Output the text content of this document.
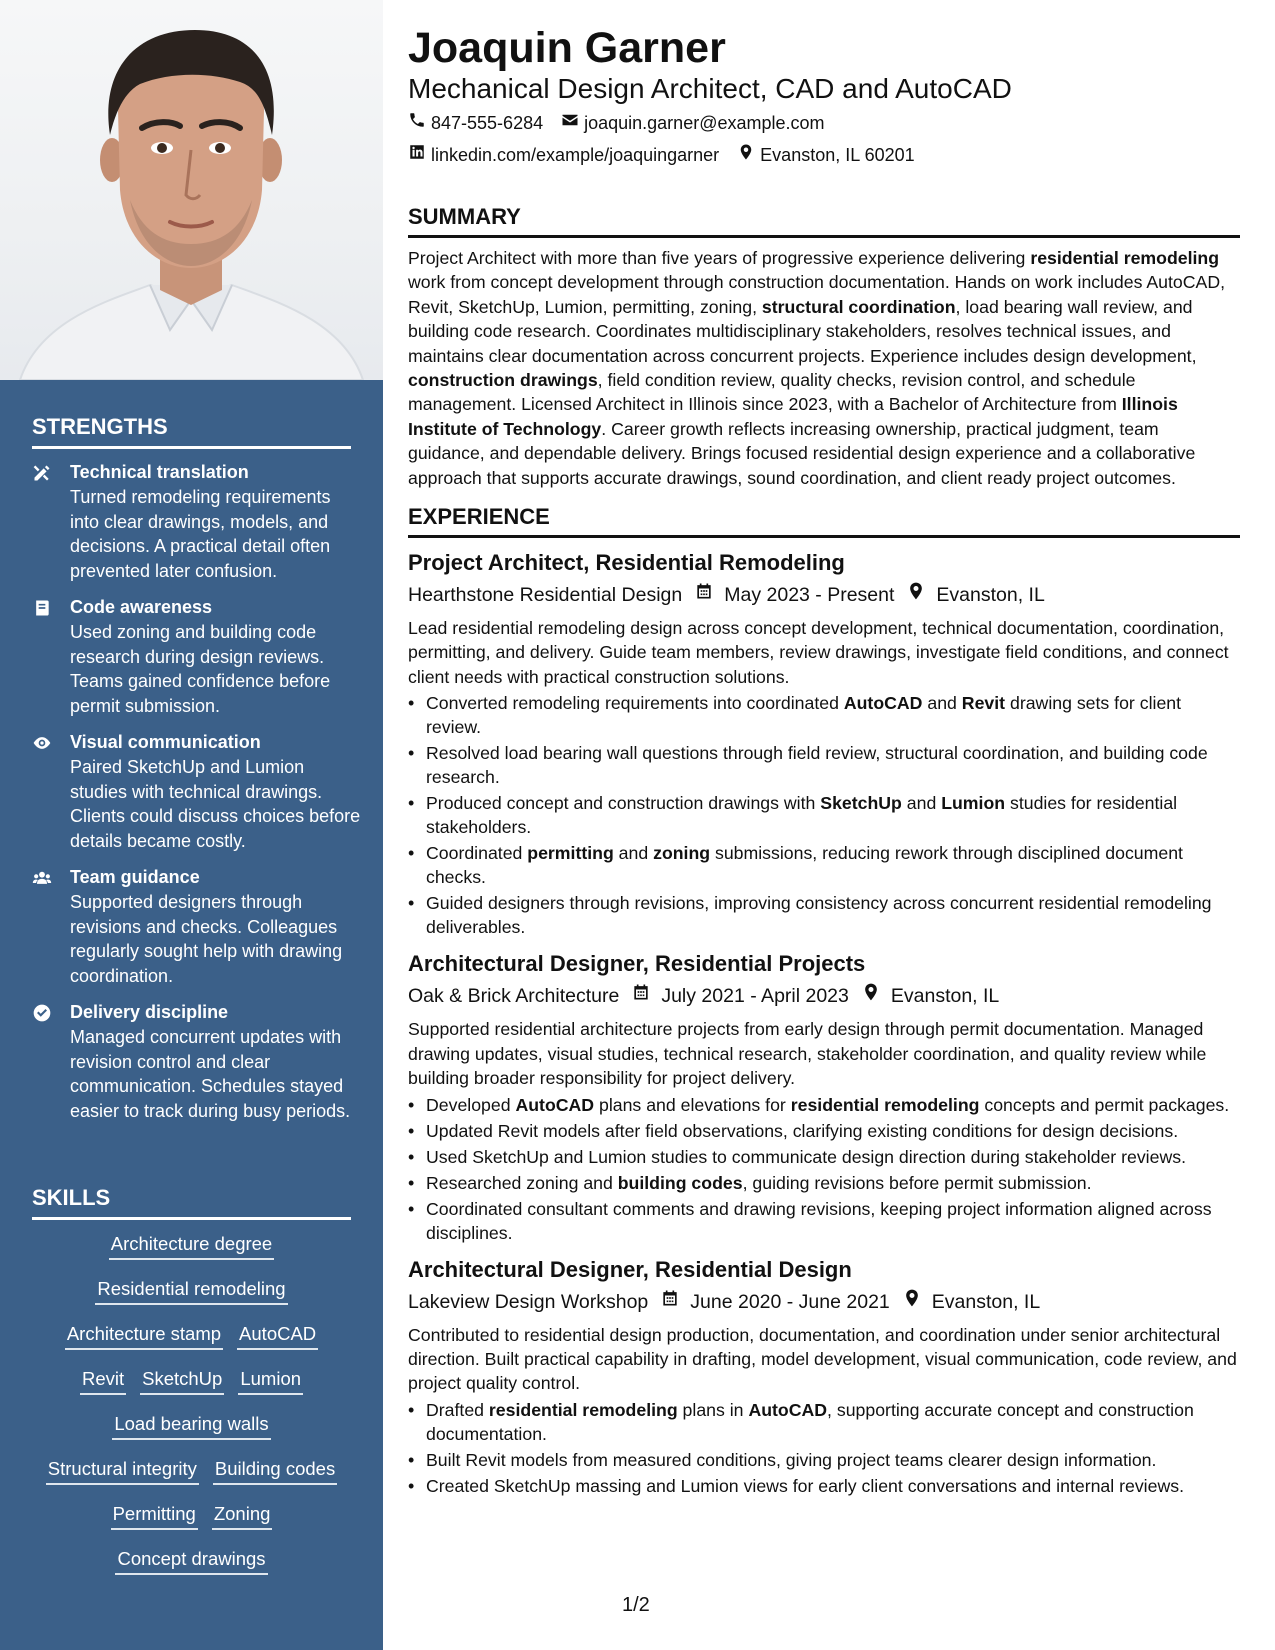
STRENGTHS
Technical translation
Turned remodeling requirements into clear drawings, models, and decisions. A practical detail often prevented later confusion.
Code awareness
Used zoning and building code research during design reviews. Teams gained confidence before permit submission.
Visual communication
Paired SketchUp and Lumion studies with technical drawings. Clients could discuss choices before details became costly.
Team guidance
Supported designers through revisions and checks. Colleagues regularly sought help with drawing coordination.
Delivery discipline
Managed concurrent updates with revision control and clear communication. Schedules stayed easier to track during busy periods.
SKILLS
Architecture degree
Residential remodeling
Architecture stamp AutoCAD
Revit SketchUp Lumion
Load bearing walls
Structural integrity Building codes
Permitting Zoning
Concept drawings
Joaquin Garner
Mechanical Design Architect, CAD and AutoCAD
847-555-6284 joaquin.garner@example.com
linkedin.com/example/joaquingarner Evanston, IL 60201
SUMMARY
Project Architect with more than five years of progressive experience delivering residential remodeling work from concept development through construction documentation. Hands on work includes AutoCAD, Revit, SketchUp, Lumion, permitting, zoning, structural coordination, load bearing wall review, and building code research. Coordinates multidisciplinary stakeholders, resolves technical issues, and maintains clear documentation across concurrent projects. Experience includes design development, construction drawings, field condition review, quality checks, revision control, and schedule management. Licensed Architect in Illinois since 2023, with a Bachelor of Architecture from Illinois Institute of Technology. Career growth reflects increasing ownership, practical judgment, team guidance, and dependable delivery. Brings focused residential design experience and a collaborative approach that supports accurate drawings, sound coordination, and client ready project outcomes.
EXPERIENCE
Project Architect, Residential Remodeling
Hearthstone Residential Design May 2023 - Present Evanston, IL
Lead residential remodeling design across concept development, technical documentation, coordination, permitting, and delivery. Guide team members, review drawings, investigate field conditions, and connect client needs with practical construction solutions.
• Converted remodeling requirements into coordinated AutoCAD and Revit drawing sets for client review.
• Resolved load bearing wall questions through field review, structural coordination, and building code research.
• Produced concept and construction drawings with SketchUp and Lumion studies for residential stakeholders.
• Coordinated permitting and zoning submissions, reducing rework through disciplined document checks.
• Guided designers through revisions, improving consistency across concurrent residential remodeling deliverables.
Architectural Designer, Residential Projects
Oak & Brick Architecture July 2021 - April 2023 Evanston, IL
Supported residential architecture projects from early design through permit documentation. Managed drawing updates, visual studies, technical research, stakeholder coordination, and quality review while building broader responsibility for project delivery.
• Developed AutoCAD plans and elevations for residential remodeling concepts and permit packages.
• Updated Revit models after field observations, clarifying existing conditions for design decisions.
• Used SketchUp and Lumion studies to communicate design direction during stakeholder reviews.
• Researched zoning and building codes, guiding revisions before permit submission.
• Coordinated consultant comments and drawing revisions, keeping project information aligned across disciplines.
Architectural Designer, Residential Design
Lakeview Design Workshop June 2020 - June 2021 Evanston, IL
Contributed to residential design production, documentation, and coordination under senior architectural direction. Built practical capability in drafting, model development, visual communication, code review, and project quality control.
• Drafted residential remodeling plans in AutoCAD, supporting accurate concept and construction documentation.
• Built Revit models from measured conditions, giving project teams clearer design information.
• Created SketchUp massing and Lumion views for early client conversations and internal reviews.
1/2
